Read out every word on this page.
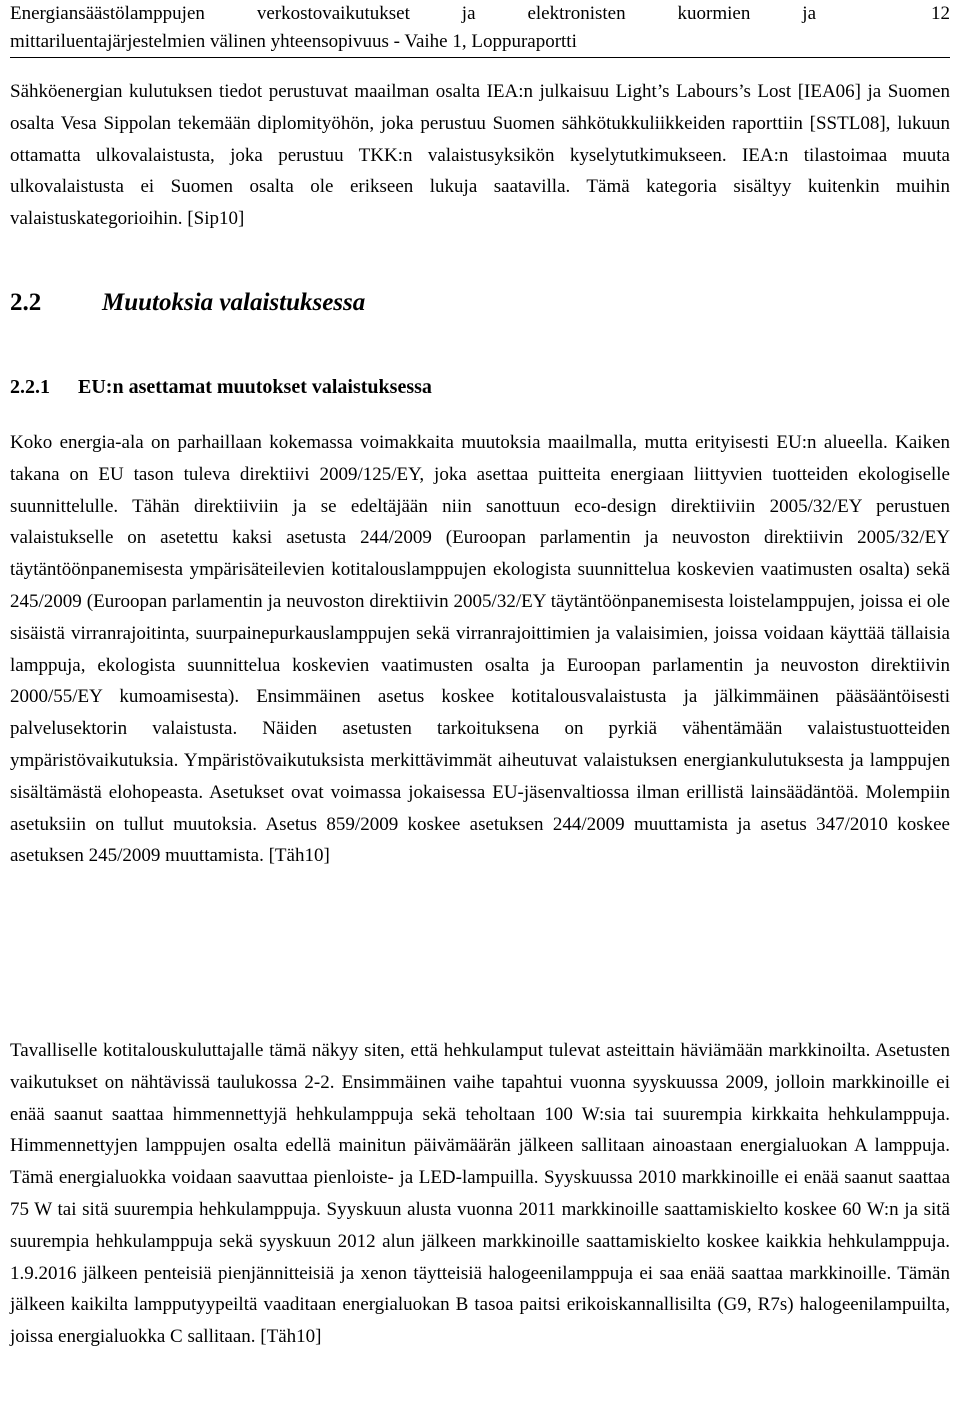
Energiansäästölamppujen verkostovaikutukset ja elektronisten kuormien ja	12
mittariluentajärjestelmien välinen yhteensopivuus - Vaihe 1, Loppuraportti

Sähköenergian kulutuksen tiedot perustuvat maailman osalta IEA:n julkaisuu Light’s Labours’s Lost [IEA06] ja Suomen osalta Vesa Sippolan tekemään diplomityöhön, joka perustuu Suomen sähkötukkuliikkeiden raporttiin [SSTL08], lukuun ottamatta ulkovalaistusta, joka perustuu TKK:n valaistusyksikön kyselytutkimukseen. IEA:n tilastoimaa muuta ulkovalaistusta ei Suomen osalta ole erikseen lukuja saatavilla. Tämä kategoria sisältyy kuitenkin muihin valaistuskategorioihin. [Sip10]

2.2 Muutoksia valaistuksessa
2.2.1 EU:n asettamat muutokset valaistuksessa

Koko energia-ala on parhaillaan kokemassa voimakkaita muutoksia maailmalla, mutta erityisesti EU:n alueella. Kaiken takana on EU tason tuleva direktiivi 2009/125/EY, joka asettaa puitteita energiaan liittyvien tuotteiden ekologiselle suunnittelulle. Tähän direktiiviin ja se edeltäjään niin sanottuun eco-design direktiiviin 2005/32/EY perustuen valaistukselle on asetettu kaksi asetusta 244/2009 (Euroopan parlamentin ja neuvoston direktiivin 2005/32/EY täytäntöönpanemisesta ympärisäteilevien kotitalouslamppujen ekologista suunnittelua koskevien vaatimusten osalta) sekä 245/2009 (Euroopan parlamentin ja neuvoston direktiivin 2005/32/EY täytäntöönpanemisesta loistelamppujen, joissa ei ole sisäistä virranrajoitinta, suurpainepurkauslamppujen sekä virranrajoittimien ja valaisimien, joissa voidaan käyttää tällaisia lamppuja, ekologista suunnittelua koskevien vaatimusten osalta ja Euroopan parlamentin ja neuvoston direktiivin 2000/55/EY kumoamisesta). Ensimmäinen asetus koskee kotitalousvalaistusta ja jälkimmäinen pääsääntöisesti palvelusektorin valaistusta. Näiden asetusten tarkoituksena on pyrkiä vähentämään valaistustuotteiden ympäristövaikutuksia. Ympäristövaikutuksista merkittävimmät aiheutuvat valaistuksen energiankulutuksesta ja lamppujen sisältämästä elohopeasta. Asetukset ovat voimassa jokaisessa EU-jäsenvaltiossa ilman erillistä lainsäädäntöä. Molempiin asetuksiin on tullut muutoksia. Asetus 859/2009 koskee asetuksen 244/2009 muuttamista ja asetus 347/2010 koskee asetuksen 245/2009 muuttamista. [Täh10]

Tavalliselle kotitalouskuluttajalle tämä näkyy siten, että hehkulamput tulevat asteittain häviämään markkinoilta. Asetusten vaikutukset on nähtävissä taulukossa 2-2. Ensimmäinen vaihe tapahtui vuonna syyskuussa 2009, jolloin markkinoille ei enää saanut saattaa himmennettyjä hehkulamppuja sekä teholtaan 100 W:sia tai suurempia kirkkaita hehkulamppuja. Himmennettyjen lamppujen osalta edellä mainitun päivämäärän jälkeen sallitaan ainoastaan energialuokan A lamppuja. Tämä energialuokka voidaan saavuttaa pienloiste- ja LED-lampuilla. Syyskuussa 2010 markkinoille ei enää saanut saattaa 75 W tai sitä suurempia hehkulamppuja. Syyskuun alusta vuonna 2011 markkinoille saattamiskielto koskee 60 W:n ja sitä suurempia hehkulamppuja sekä syyskuun 2012 alun jälkeen markkinoille saattamiskielto koskee kaikkia hehkulamppuja. 1.9.2016 jälkeen penteisiä pienjännitteisiä ja xenon täytteisiä halogeenilamppuja ei saa enää saattaa markkinoille. Tämän jälkeen kaikilta lampputyypeiltä vaaditaan energialuokan B tasoa paitsi erikoiskannallisilta (G9, R7s) halogeenilampuilta, joissa energialuokka C sallitaan. [Täh10]
